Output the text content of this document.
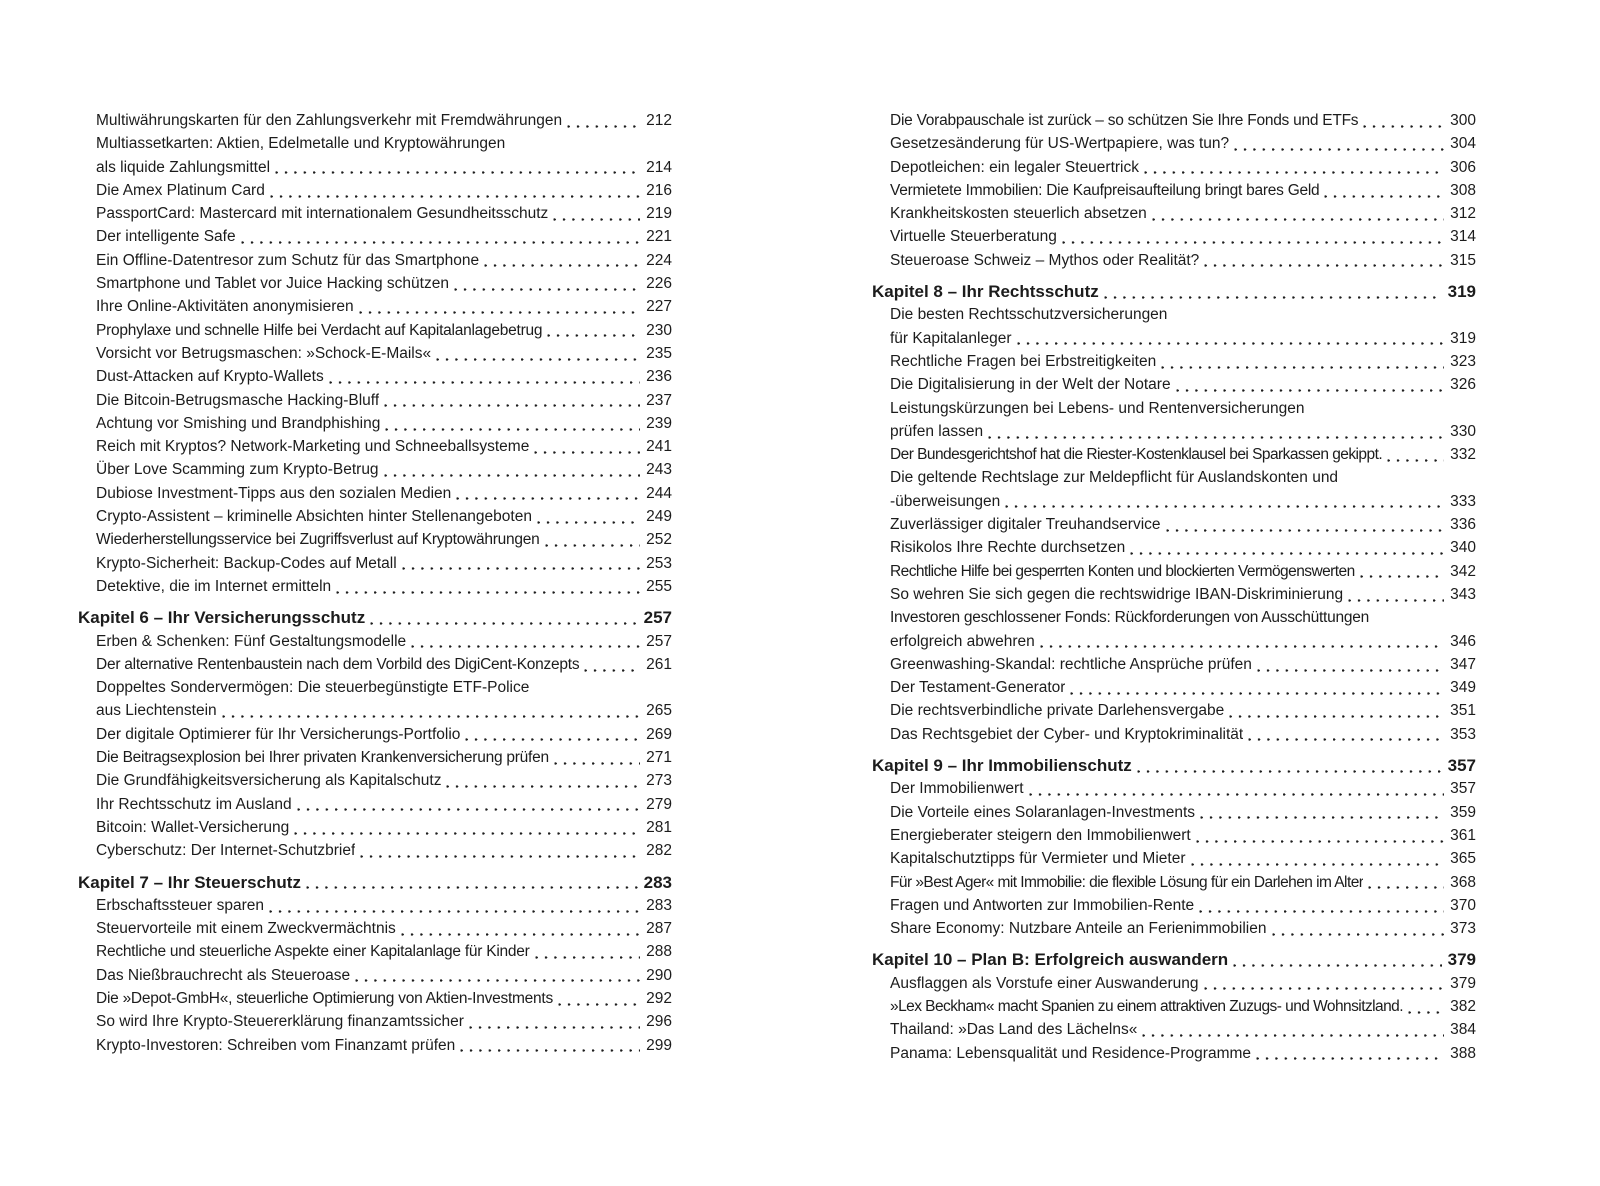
Multiwährungskarten für den Zahlungsverkehr mit Fremdwährungen	212
Multiassetkarten: Aktien, Edelmetalle und Kryptowährungen
als liquide Zahlungsmittel	214
Die Amex Platinum Card	216
PassportCard: Mastercard mit internationalem Gesundheitsschutz	219
Der intelligente Safe	221
Ein Offline-Datentresor zum Schutz für das Smartphone	224
Smartphone und Tablet vor Juice Hacking schützen	226
Ihre Online-Aktivitäten anonymisieren	227
Prophylaxe und schnelle Hilfe bei Verdacht auf Kapitalanlagebetrug	230
Vorsicht vor Betrugsmaschen: »Schock-E-Mails«	235
Dust-Attacken auf Krypto-Wallets	236
Die Bitcoin-Betrugsmasche Hacking-Bluff	237
Achtung vor Smishing und Brandphishing	239
Reich mit Kryptos? Network-Marketing und Schneeballsysteme	241
Über Love Scamming zum Krypto-Betrug	243
Dubiose Investment-Tipps aus den sozialen Medien	244
Crypto-Assistent – kriminelle Absichten hinter Stellenangeboten	249
Wiederherstellungsservice bei Zugriffsverlust auf Kryptowährungen	252
Krypto-Sicherheit: Backup-Codes auf Metall	253
Detektive, die im Internet ermitteln	255
Kapitel 6 – Ihr Versicherungsschutz	257
Erben & Schenken: Fünf Gestaltungsmodelle	257
Der alternative Rentenbaustein nach dem Vorbild des DigiCent-Konzepts	261
Doppeltes Sondervermögen: Die steuerbegünstigte ETF-Police
aus Liechtenstein	265
Der digitale Optimierer für Ihr Versicherungs-Portfolio	269
Die Beitragsexplosion bei Ihrer privaten Krankenversicherung prüfen	271
Die Grundfähigkeitsversicherung als Kapitalschutz	273
Ihr Rechtsschutz im Ausland	279
Bitcoin: Wallet-Versicherung	281
Cyberschutz: Der Internet-Schutzbrief	282
Kapitel 7 – Ihr Steuerschutz	283
Erbschaftssteuer sparen	283
Steuervorteile mit einem Zweckvermächtnis	287
Rechtliche und steuerliche Aspekte einer Kapitalanlage für Kinder	288
Das Nießbrauchrecht als Steueroase	290
Die »Depot-GmbH«, steuerliche Optimierung von Aktien-Investments	292
So wird Ihre Krypto-Steuererklärung finanzamtssicher	296
Krypto-Investoren: Schreiben vom Finanzamt prüfen	299
Die Vorabpauschale ist zurück – so schützen Sie Ihre Fonds und ETFs	300
Gesetzesänderung für US-Wertpapiere, was tun?	304
Depotleichen: ein legaler Steuertrick	306
Vermietete Immobilien: Die Kaufpreisaufteilung bringt bares Geld	308
Krankheitskosten steuerlich absetzen	312
Virtuelle Steuerberatung	314
Steueroase Schweiz – Mythos oder Realität?	315
Kapitel 8 – Ihr Rechtsschutz	319
Die besten Rechtsschutzversicherungen
für Kapitalanleger	319
Rechtliche Fragen bei Erbstreitigkeiten	323
Die Digitalisierung in der Welt der Notare	326
Leistungskürzungen bei Lebens- und Rentenversicherungen
prüfen lassen	330
Der Bundesgerichtshof hat die Riester-Kostenklausel bei Sparkassen gekippt.	332
Die geltende Rechtslage zur Meldepflicht für Auslandskonten und
-überweisungen	333
Zuverlässiger digitaler Treuhandservice	336
Risikolos Ihre Rechte durchsetzen	340
Rechtliche Hilfe bei gesperrten Konten und blockierten Vermögenswerten	342
So wehren Sie sich gegen die rechtswidrige IBAN-Diskriminierung	343
Investoren geschlossener Fonds: Rückforderungen von Ausschüttungen
erfolgreich abwehren	346
Greenwashing-Skandal: rechtliche Ansprüche prüfen	347
Der Testament-Generator	349
Die rechtsverbindliche private Darlehensvergabe	351
Das Rechtsgebiet der Cyber- und Kryptokriminalität	353
Kapitel 9 – Ihr Immobilienschutz	357
Der Immobilienwert	357
Die Vorteile eines Solaranlagen-Investments	359
Energieberater steigern den Immobilienwert	361
Kapitalschutztipps für Vermieter und Mieter	365
Für »Best Ager« mit Immobilie: die flexible Lösung für ein Darlehen im Alter	368
Fragen und Antworten zur Immobilien-Rente	370
Share Economy: Nutzbare Anteile an Ferienimmobilien	373
Kapitel 10 – Plan B: Erfolgreich auswandern	379
Ausflaggen als Vorstufe einer Auswanderung	379
»Lex Beckham« macht Spanien zu einem attraktiven Zuzugs- und Wohnsitzland.	382
Thailand: »Das Land des Lächelns«	384
Panama: Lebensqualität und Residence-Programme	388
